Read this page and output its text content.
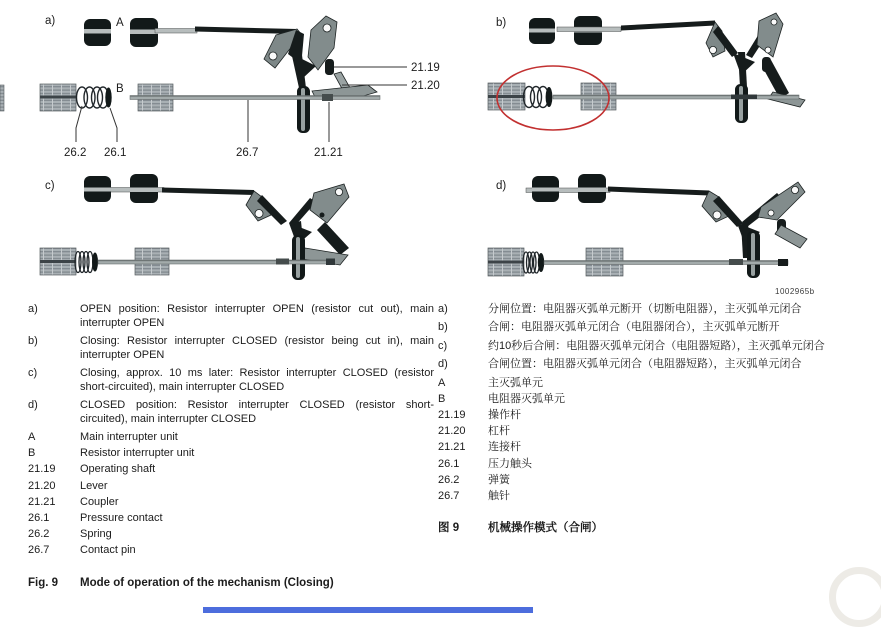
a)	A
21.19
21.20
B
26.2 26.1	26.7	21.21
b)
c)	d)
1002965b
a)	OPEN position: Resistor interrupter OPEN (resistor cut out), main interrupter OPEN
b)	Closing: Resistor interrupter CLOSED (resistor being cut in), main interrupter OPEN
c)	Closing, approx. 10 ms later: Resistor interrupter CLOSED (resistor short-circuited), main interrupter CLOSED
d)	CLOSED position: Resistor interrupter CLOSED (resistor short-circuited), main interrupter CLOSED
A	Main interrupter unit
B	Resistor interrupter unit
21.19	Operating shaft
21.20	Lever
21.21	Coupler
26.1	Pressure contact
26.2	Spring
26.7	Contact pin
Fig. 9	Mode of operation of the mechanism (Closing)
a)	分闸位置：电阻器灭弧单元断开（切断电阻器），主灭弧单元闭合
b)	合闸：电阻器灭弧单元闭合（电阻器闭合），主灭弧单元断开
c)	约10秒后合闸：电阻器灭弧单元闭合（电阻器短路），主灭弧单元闭合
d)	合闸位置：电阻器灭弧单元闭合（电阻器短路），主灭弧单元闭合
A	主灭弧单元
B	电阻器灭弧单元
21.19	操作杆
21.20	杠杆
21.21	连接杆
26.1	压力触头
26.2	弹簧
26.7	触针
图 9	机械操作模式（合闸）
